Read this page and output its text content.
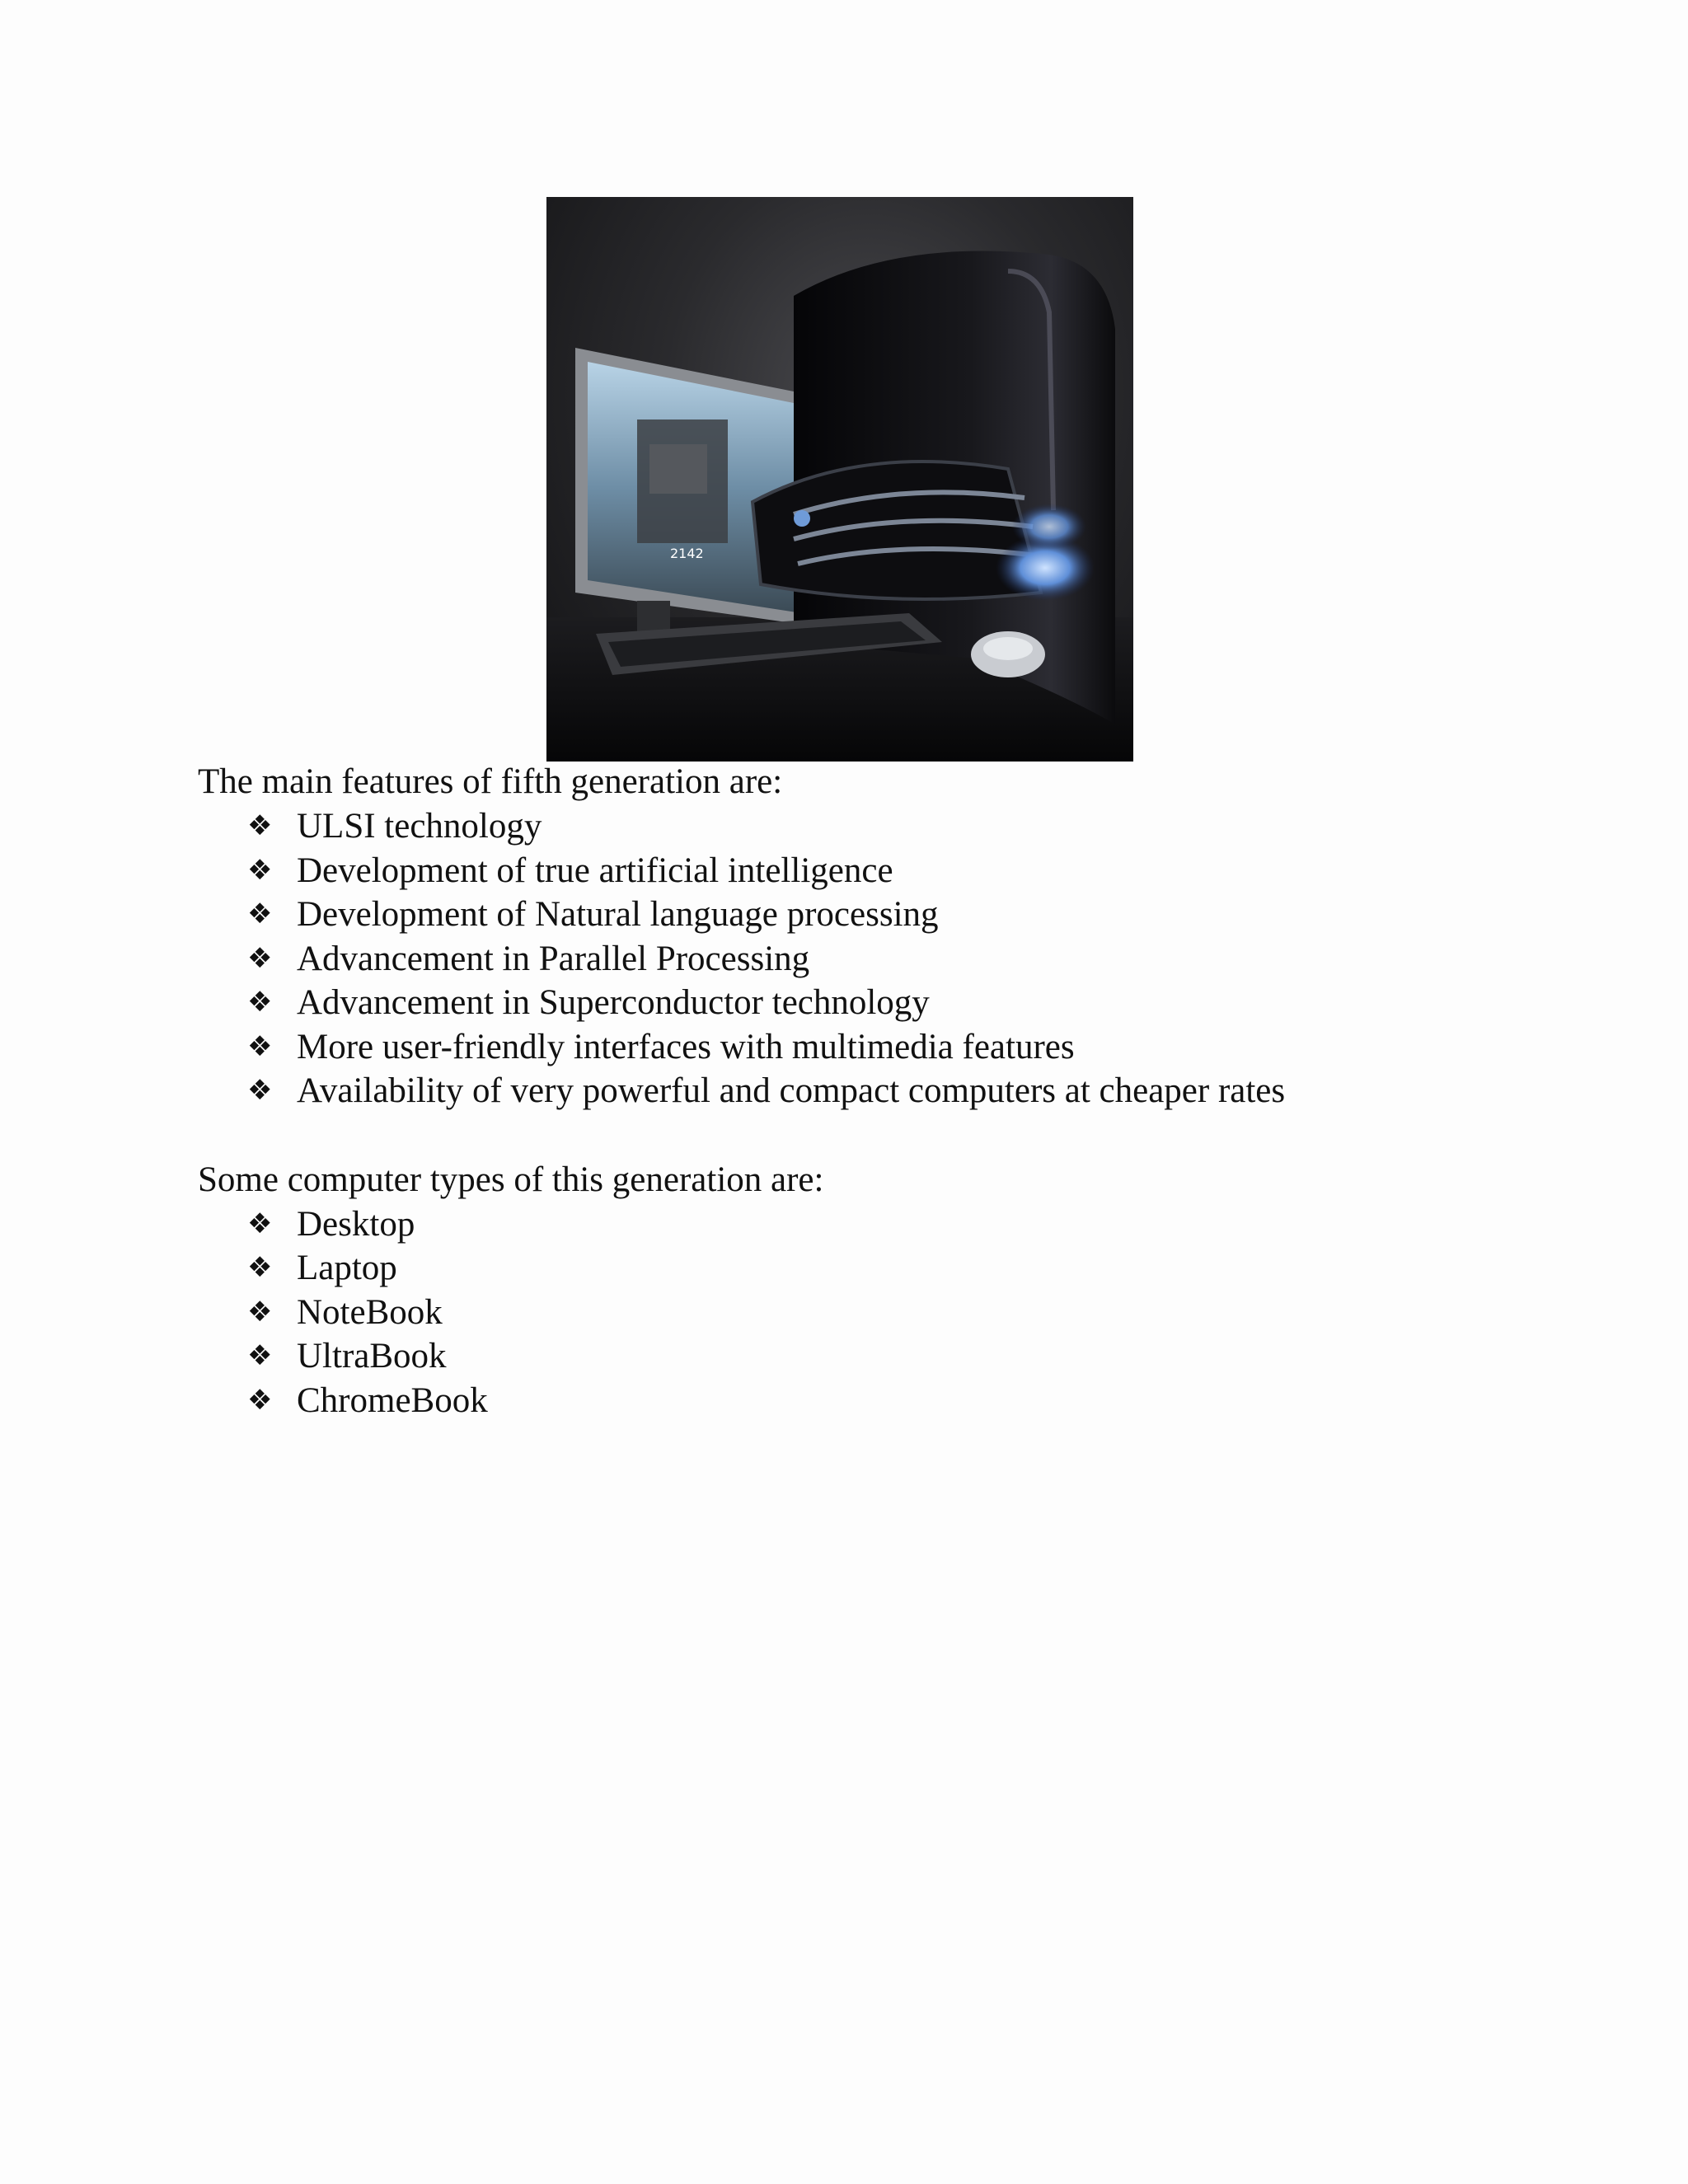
2142

The main features of fifth generation are:

❖ ULSI technology
❖ Development of true artificial intelligence
❖ Development of Natural language processing
❖ Advancement in Parallel Processing
❖ Advancement in Superconductor technology
❖ More user-friendly interfaces with multimedia features
❖ Availability of very powerful and compact computers at cheaper rates

Some computer types of this generation are:

❖ Desktop
❖ Laptop
❖ NoteBook
❖ UltraBook
❖ ChromeBook
